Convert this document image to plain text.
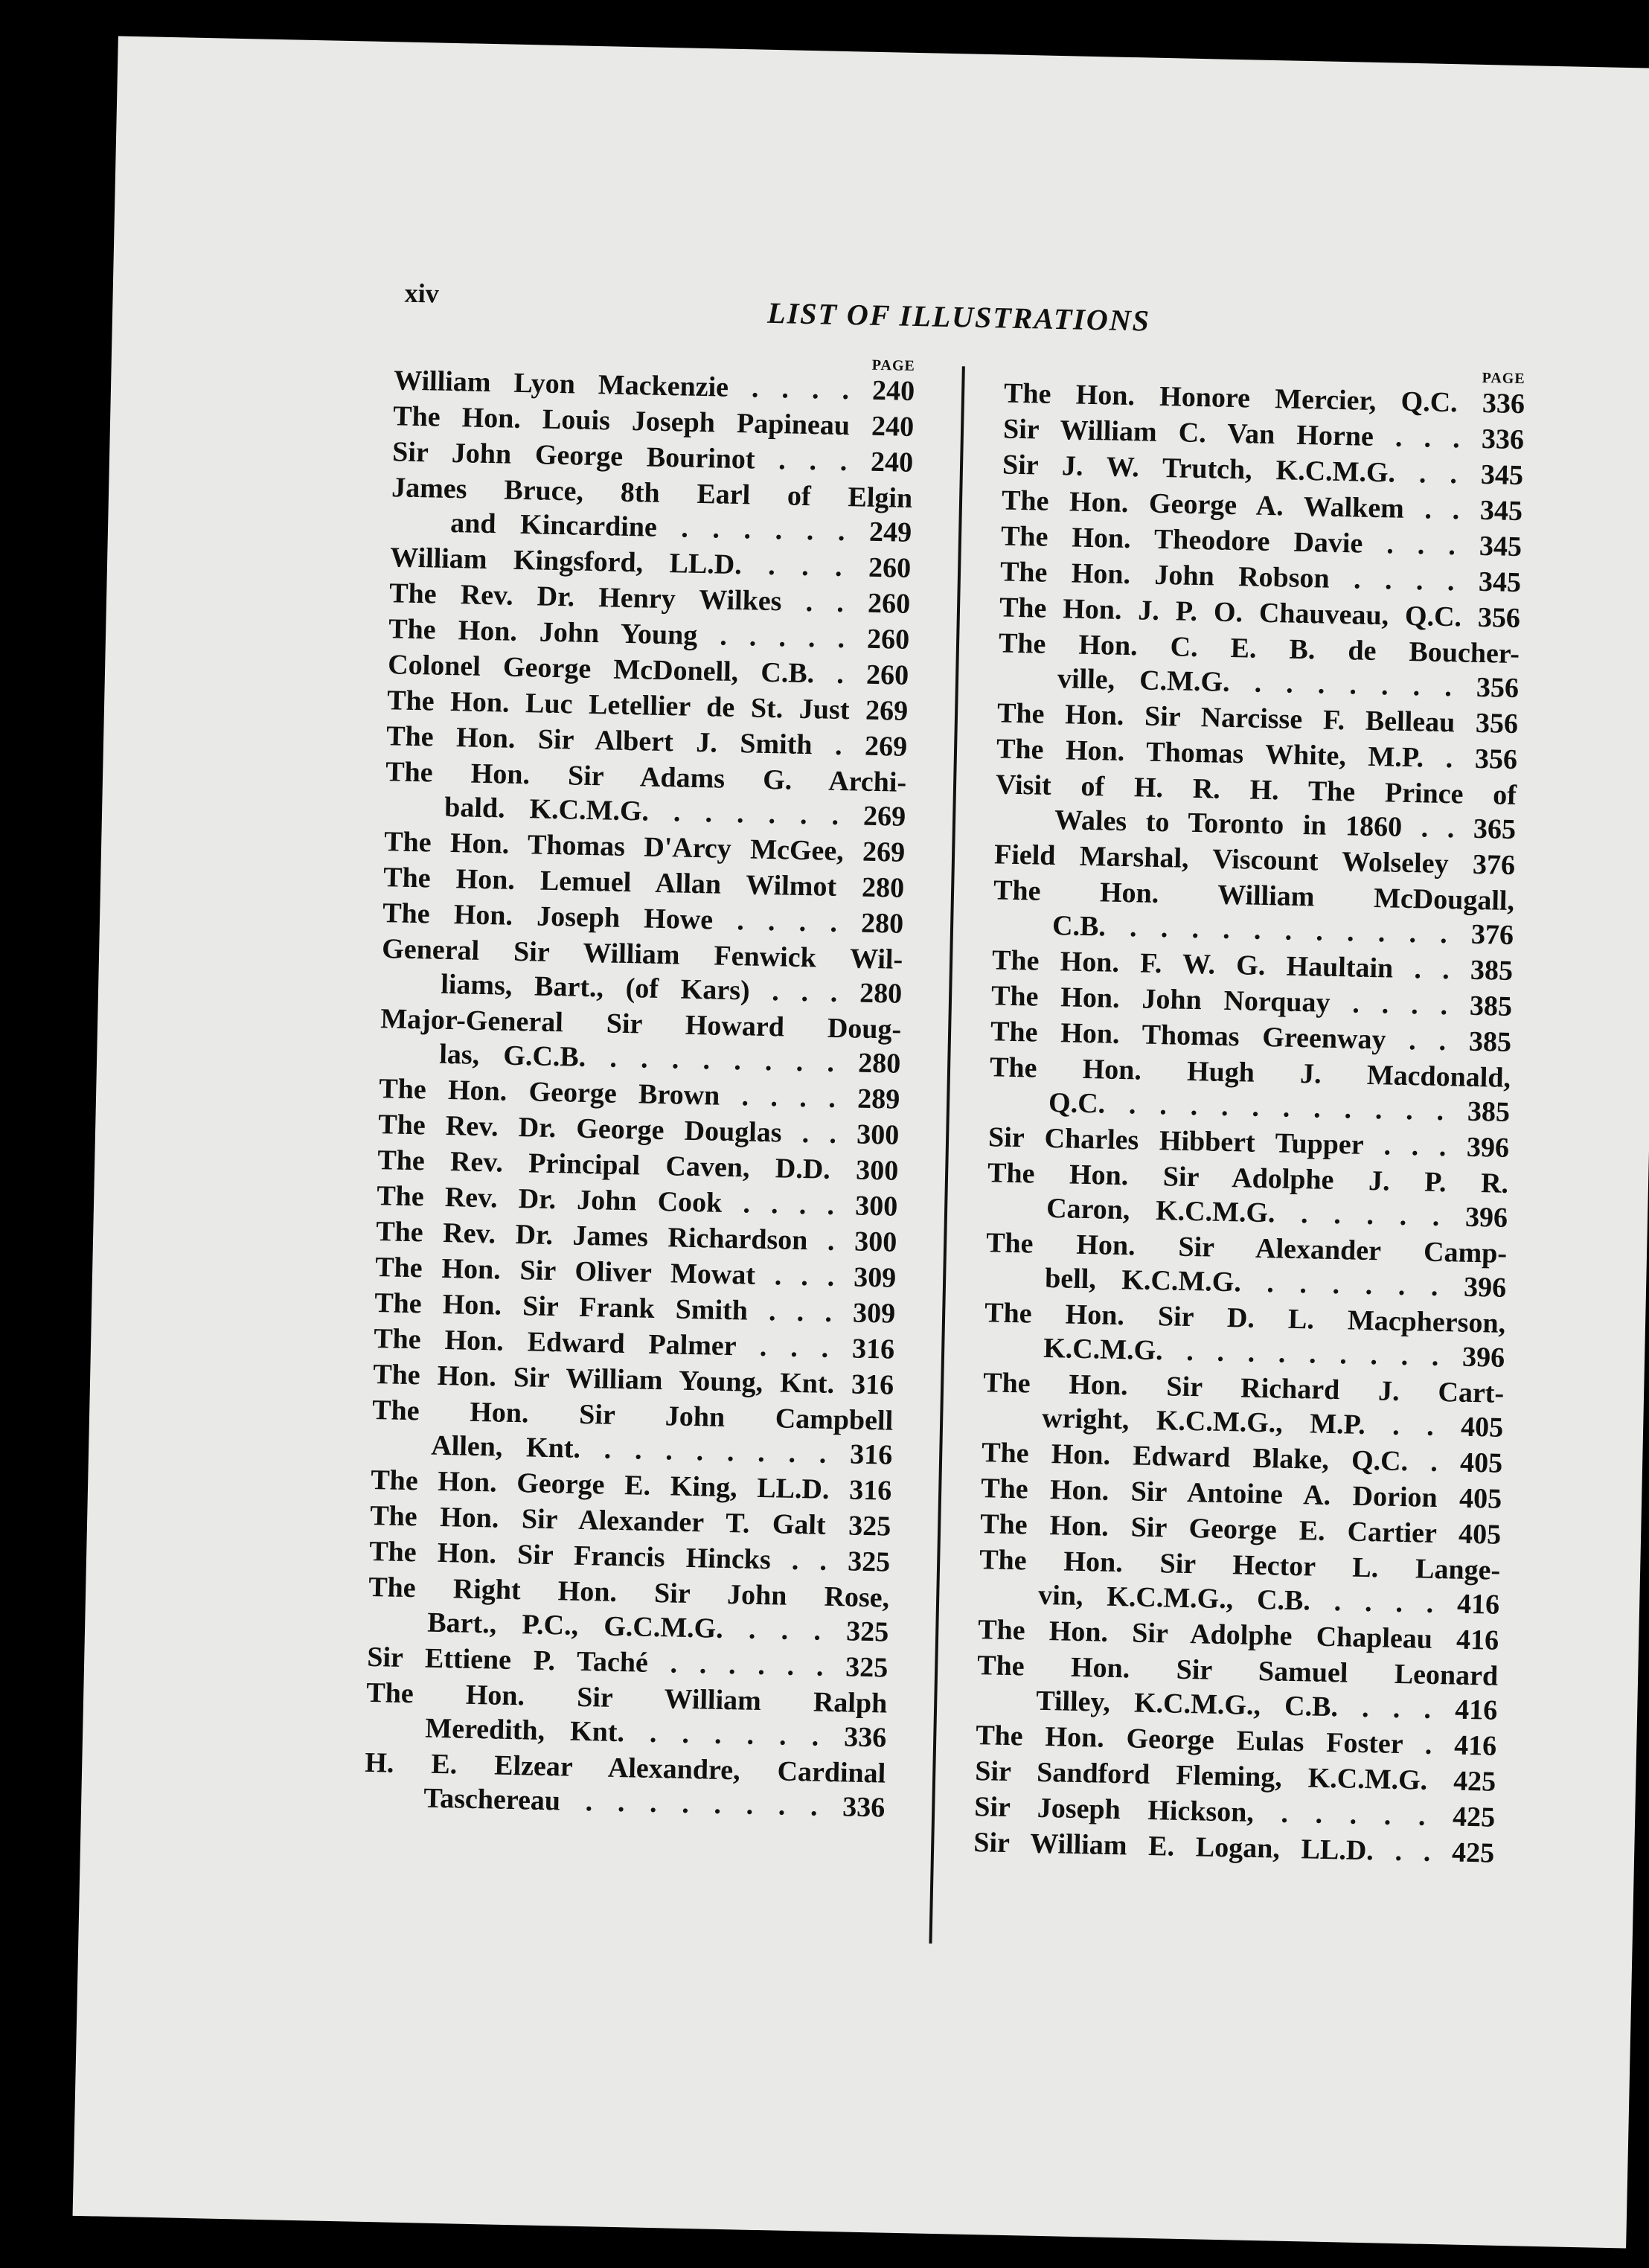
xiv
LIST OF ILLUSTRATIONS
PAGE
William Lyon Mackenzie . . . . 240
The Hon. Louis Joseph Papineau 240
Sir John George Bourinot . . . 240
James Bruce, 8th Earl of Elgin
and Kincardine . . . . . . 249
William Kingsford, LL.D. . . . 260
The Rev. Dr. Henry Wilkes . . 260
The Hon. John Young . . . . . 260
Colonel George McDonell, C.B. . 260
The Hon. Luc Letellier de St. Just 269
The Hon. Sir Albert J. Smith . 269
The Hon. Sir Adams G. Archi-
bald. K.C.M.G. . . . . . . 269
The Hon. Thomas D'Arcy McGee, 269
The Hon. Lemuel Allan Wilmot 280
The Hon. Joseph Howe . . . . 280
General Sir William Fenwick Wil-
liams, Bart., (of Kars) . . . 280
Major-General Sir Howard Doug-
las, G.C.B. . . . . . . . . 280
The Hon. George Brown . . . . 289
The Rev. Dr. George Douglas . . 300
The Rev. Principal Caven, D.D. 300
The Rev. Dr. John Cook . . . . 300
The Rev. Dr. James Richardson . 300
The Hon. Sir Oliver Mowat . . . 309
The Hon. Sir Frank Smith . . . 309
The Hon. Edward Palmer . . . 316
The Hon. Sir William Young, Knt. 316
The Hon. Sir John Campbell
Allen, Knt. . . . . . . . . 316
The Hon. George E. King, LL.D. 316
The Hon. Sir Alexander T. Galt 325
The Hon. Sir Francis Hincks . . 325
The Right Hon. Sir John Rose,
Bart., P.C., G.C.M.G. . . . 325
Sir Ettiene P. Taché . . . . . . 325
The Hon. Sir William Ralph
Meredith, Knt. . . . . . . 336
H. E. Elzear Alexandre, Cardinal
Taschereau . . . . . . . . 336
PAGE
The Hon. Honore Mercier, Q.C. 336
Sir William C. Van Horne . . . 336
Sir J. W. Trutch, K.C.M.G. . . 345
The Hon. George A. Walkem . . 345
The Hon. Theodore Davie . . . 345
The Hon. John Robson . . . . 345
The Hon. J. P. O. Chauveau, Q.C. 356
The Hon. C. E. B. de Boucher-
ville, C.M.G. . . . . . . . 356
The Hon. Sir Narcisse F. Belleau 356
The Hon. Thomas White, M.P. . 356
Visit of H. R. H. The Prince of
Wales to Toronto in 1860 . . 365
Field Marshal, Viscount Wolseley 376
The Hon. William McDougall,
C.B. . . . . . . . . . . . 376
The Hon. F. W. G. Haultain . . 385
The Hon. John Norquay . . . . 385
The Hon. Thomas Greenway . . 385
The Hon. Hugh J. Macdonald,
Q.C. . . . . . . . . . . . 385
Sir Charles Hibbert Tupper . . . 396
The Hon. Sir Adolphe J. P. R.
Caron, K.C.M.G. . . . . . 396
The Hon. Sir Alexander Camp-
bell, K.C.M.G. . . . . . . 396
The Hon. Sir D. L. Macpherson,
K.C.M.G. . . . . . . . . . 396
The Hon. Sir Richard J. Cart-
wright, K.C.M.G., M.P. . . 405
The Hon. Edward Blake, Q.C. . 405
The Hon. Sir Antoine A. Dorion 405
The Hon. Sir George E. Cartier 405
The Hon. Sir Hector L. Lange-
vin, K.C.M.G., C.B. . . . . 416
The Hon. Sir Adolphe Chapleau 416
The Hon. Sir Samuel Leonard
Tilley, K.C.M.G., C.B. . . . 416
The Hon. George Eulas Foster . 416
Sir Sandford Fleming, K.C.M.G. 425
Sir Joseph Hickson, . . . . . 425
Sir William E. Logan, LL.D. . . 425
